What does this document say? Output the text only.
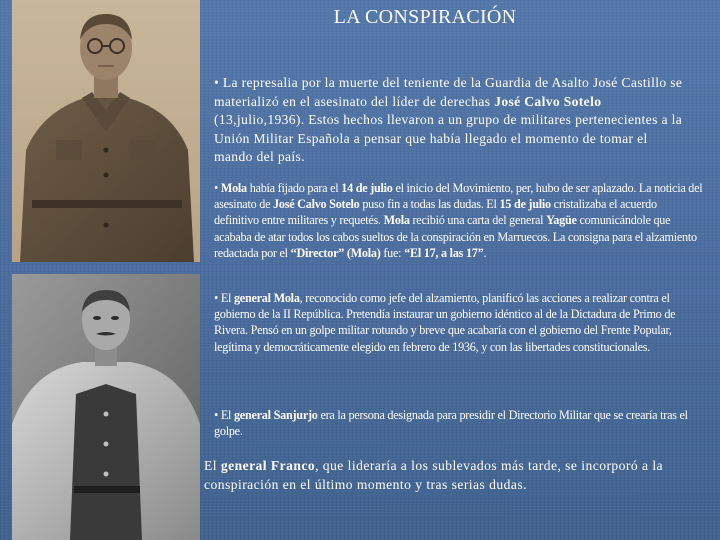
LA CONSPIRACIÓN

• La represalia por la muerte del teniente de la Guardia de Asalto José Castillo se materializó en el asesinato del líder de derechas José Calvo Sotelo (13,julio,1936). Estos hechos llevaron a un grupo de militares pertenecientes a la Unión Militar Española a pensar que había llegado el momento de tomar el mando del país.

• Mola había fijado para el 14 de julio el inicio del Movimiento, per, hubo de ser aplazado. La noticia del asesinato de José Calvo Sotelo puso fin a todas las dudas. El 15 de julio cristalizaba el acuerdo definitivo entre militares y requetés. Mola recibió una carta del general Yagüe comunicándole que acababa de atar todos los cabos sueltos de la conspiración en Marruecos. La consigna para el alzamiento redactada por el “Director” (Mola) fue: “El 17, a las 17”.

• El general Mola, reconocido como jefe del alzamiento, planificó las acciones a realizar contra el gobierno de la II República. Pretendía instaurar un gobierno idéntico al de la Dictadura de Primo de Rivera. Pensó en un golpe militar rotundo y breve que acabaría con el gobierno del Frente Popular, legítima y democráticamente elegido en febrero de 1936, y con las libertades constitucionales.

• El general Sanjurjo era la persona designada para presidir el Directorio Militar que se crearía tras el golpe.

El general Franco, que lideraría a los sublevados más tarde, se incorporó a la conspiración en el último momento y tras serias dudas.
